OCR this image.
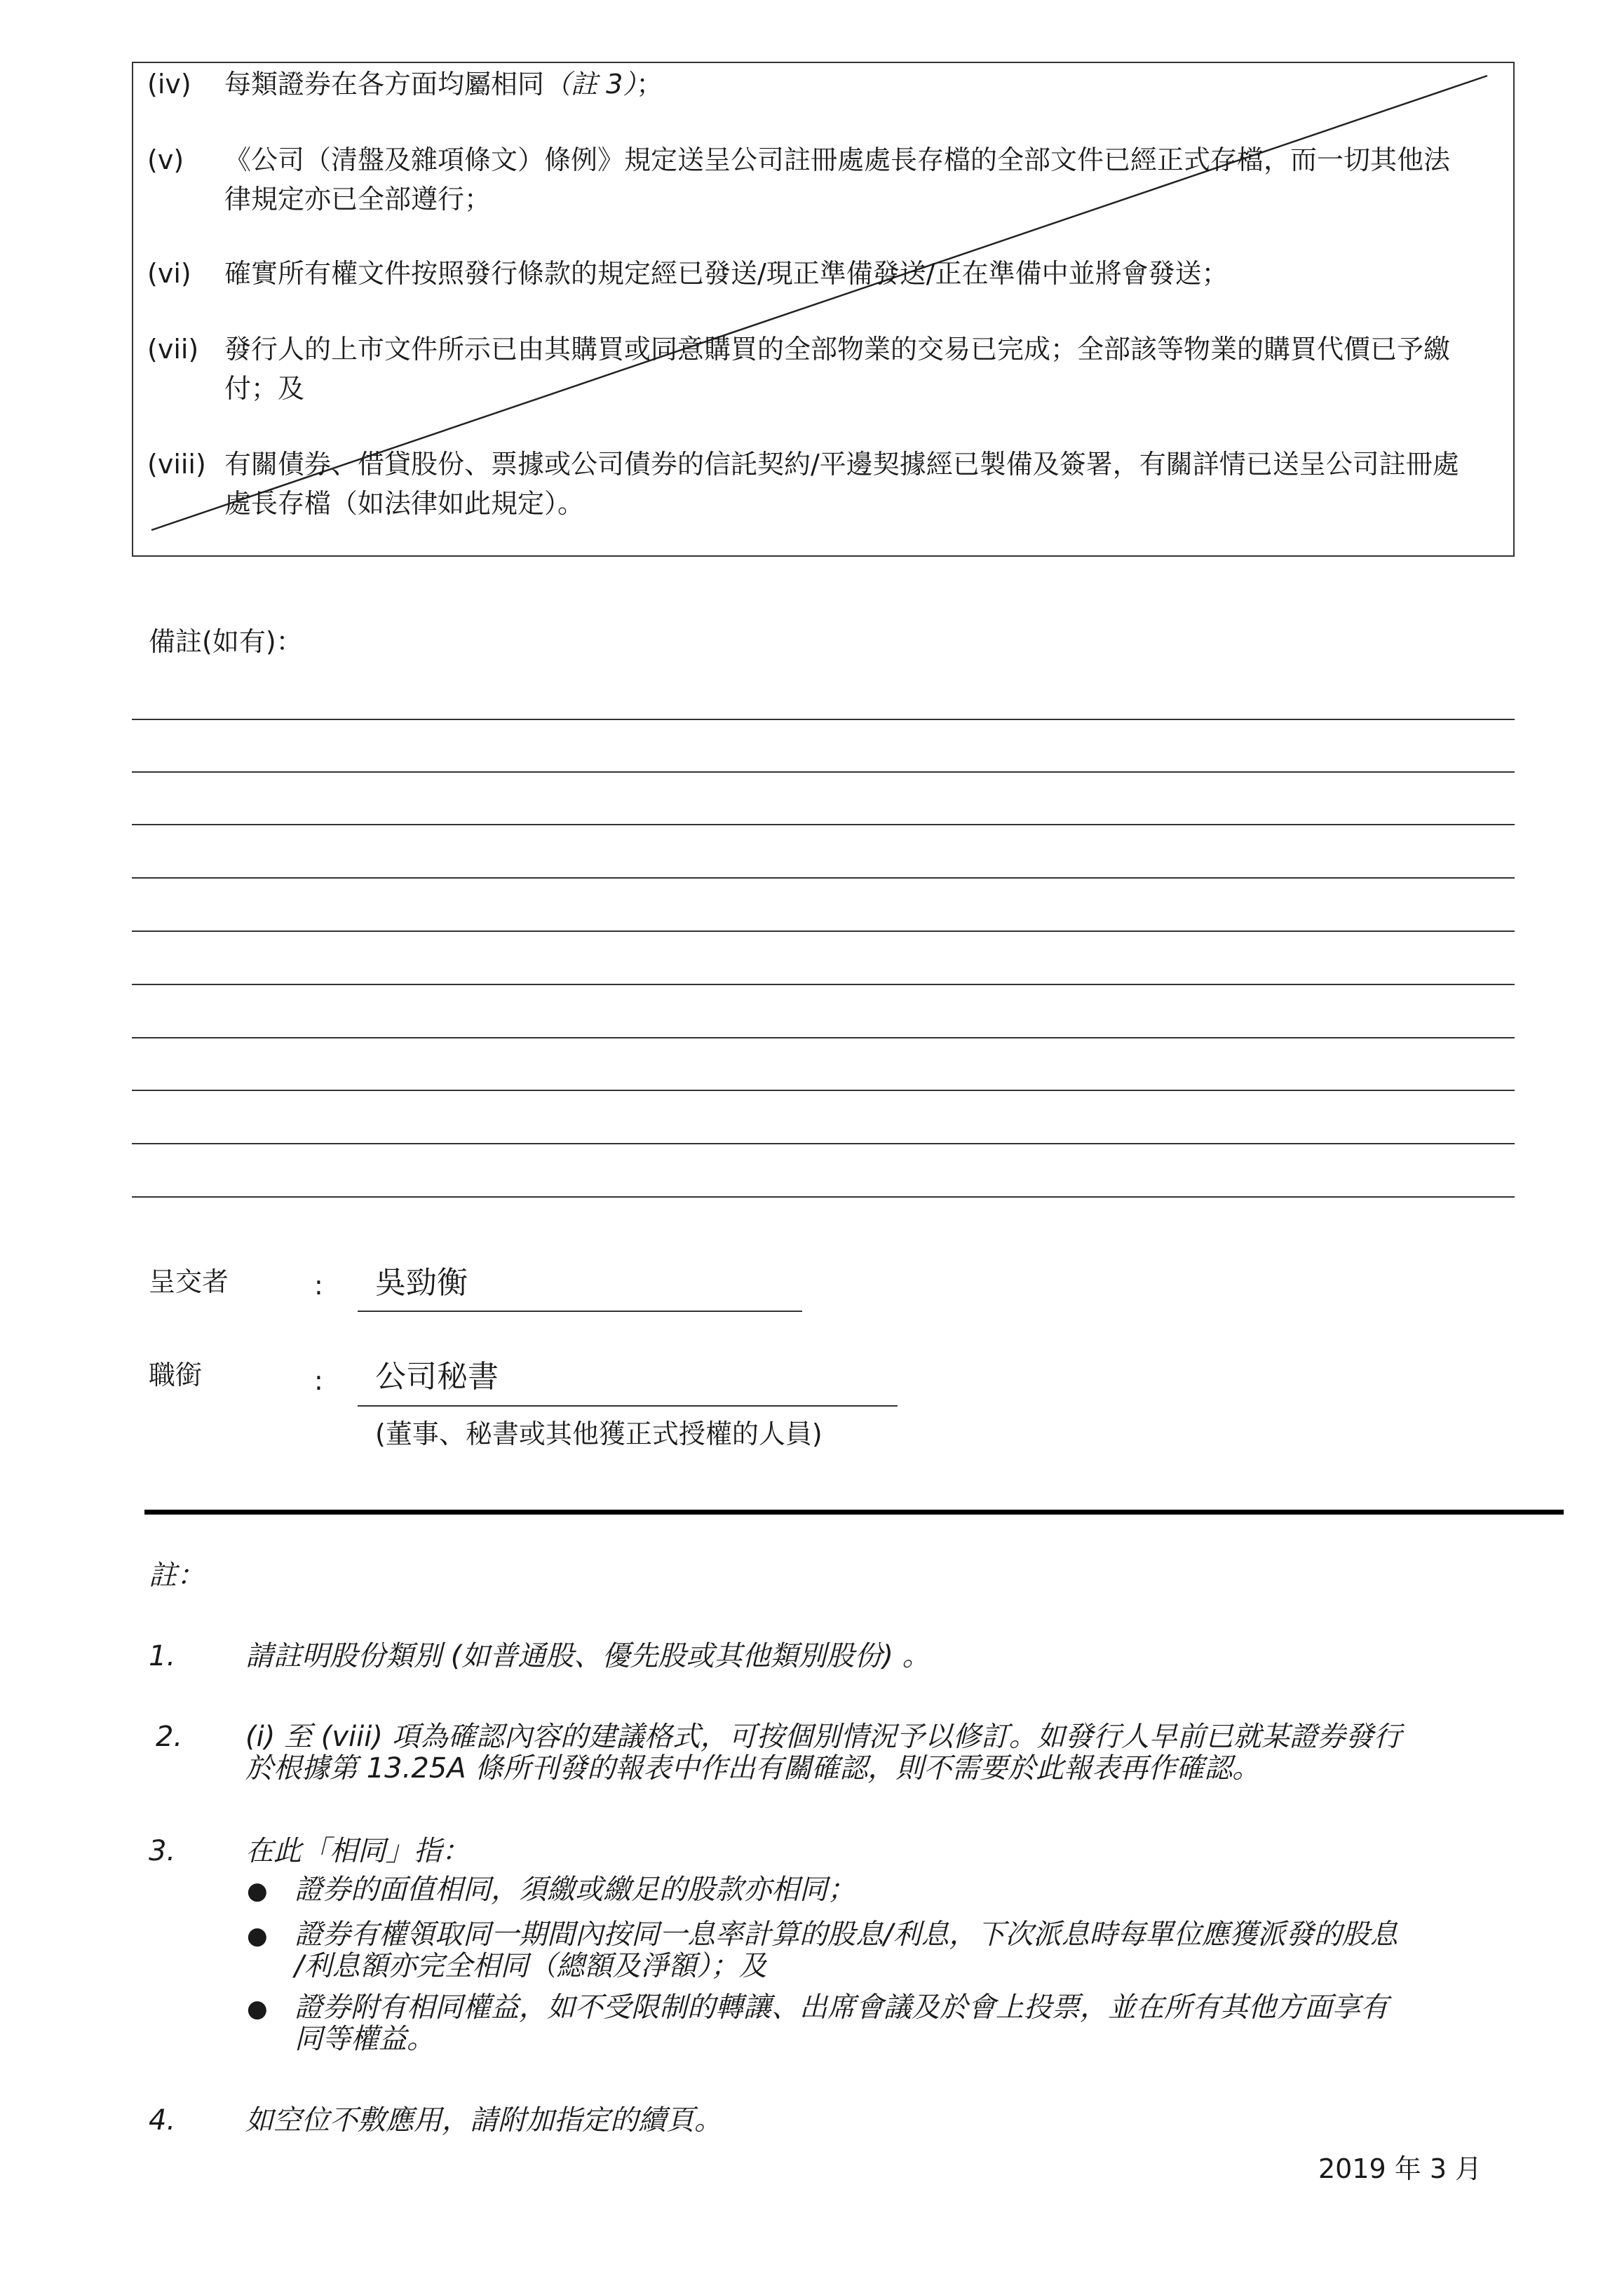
(iv) 每類證券在各方面均屬相同（註 3）；
(v) 《公司（清盤及雜項條文）條例》規定送呈公司註冊處處長存檔的全部文件已經正式存檔，而一切其他法
律規定亦已全部遵行；
(vi) 確實所有權文件按照發行條款的規定經已發送/現正準備發送/正在準備中並將會發送；
(vii) 發行人的上市文件所示已由其購買或同意購買的全部物業的交易已完成；全部該等物業的購買代價已予繳
付；及
(viii) 有關債券、借貸股份、票據或公司債券的信託契約/平邊契據經已製備及簽署，有關詳情已送呈公司註冊處
處長存檔（如法律如此規定）。
備註(如有)：
呈交者	: 吳勁衡
職銜	: 公司秘書
(董事、秘書或其他獲正式授權的人員)
註：
1. 請註明股份類別 (如普通股、優先股或其他類別股份) 。
2. (i) 至 (viii) 項為確認內容的建議格式，可按個別情況予以修訂。如發行人早前已就某證券發行
於根據第 13.25A 條所刊發的報表中作出有關確認，則不需要於此報表再作確認。
3. 在此「相同」指：
● 證券的面值相同，須繳或繳足的股款亦相同；
● 證券有權領取同一期間內按同一息率計算的股息/利息，下次派息時每單位應獲派發的股息
/利息額亦完全相同（總額及淨額）；及
● 證券附有相同權益，如不受限制的轉讓、出席會議及於會上投票，並在所有其他方面享有
同等權益。
4. 如空位不敷應用，請附加指定的續頁。
2019 年 3 月
